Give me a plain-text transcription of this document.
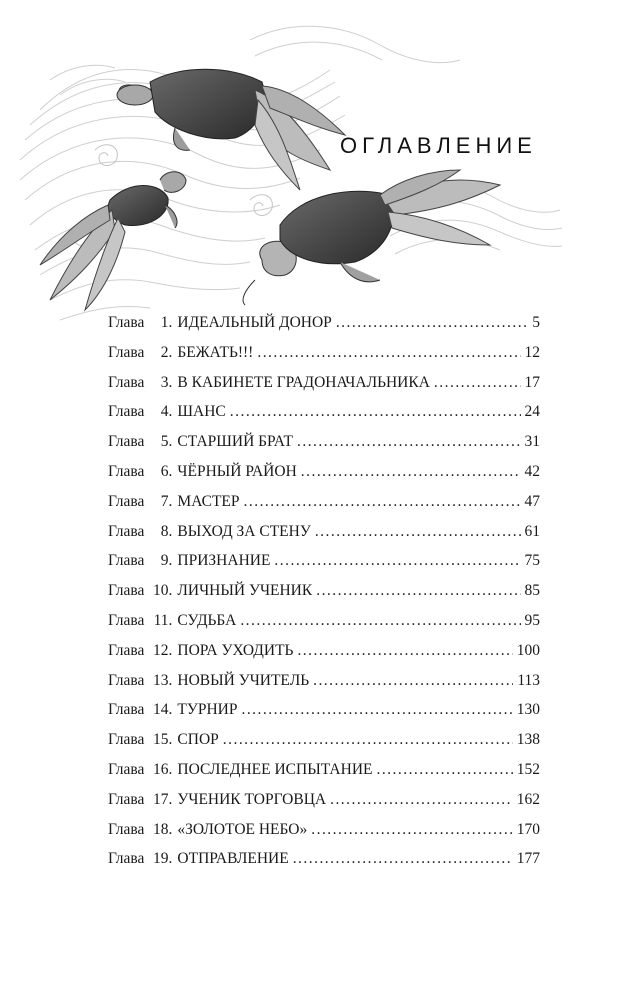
ОГЛАВЛЕНИЕ
Глава	1. ИДЕАЛЬНЫЙ ДОНОР . . .	5
Глава	2. БЕЖАТЬ!!! . . .	12
Глава	3. В КАБИНЕТЕ ГРАДОНАЧАЛЬНИКА . . .	17
Глава	4. ШАНС . . .	24
Глава	5. СТАРШИЙ БРАТ . . .	31
Глава	6. ЧЁРНЫЙ РАЙОН . . .	42
Глава	7. МАСТЕР . . .	47
Глава	8. ВЫХОД ЗА СТЕНУ . . .	61
Глава	9. ПРИЗНАНИЕ . . .	75
Глава 10. ЛИЧНЫЙ УЧЕНИК . . .	85
Глава 11. СУДЬБА . . .	95
Глава 12. ПОРА УХОДИТЬ . . .	100
Глава 13. НОВЫЙ УЧИТЕЛЬ . . .	113
Глава 14. ТУРНИР . . .	130
Глава 15. СПОР . . .	138
Глава 16. ПОСЛЕДНЕЕ ИСПЫТАНИЕ . . .	152
Глава 17. УЧЕНИК ТОРГОВЦА . . .	162
Глава 18. «ЗОЛОТОЕ НЕБО» . . .	170
Глава 19. ОТПРАВЛЕНИЕ . . .	177
